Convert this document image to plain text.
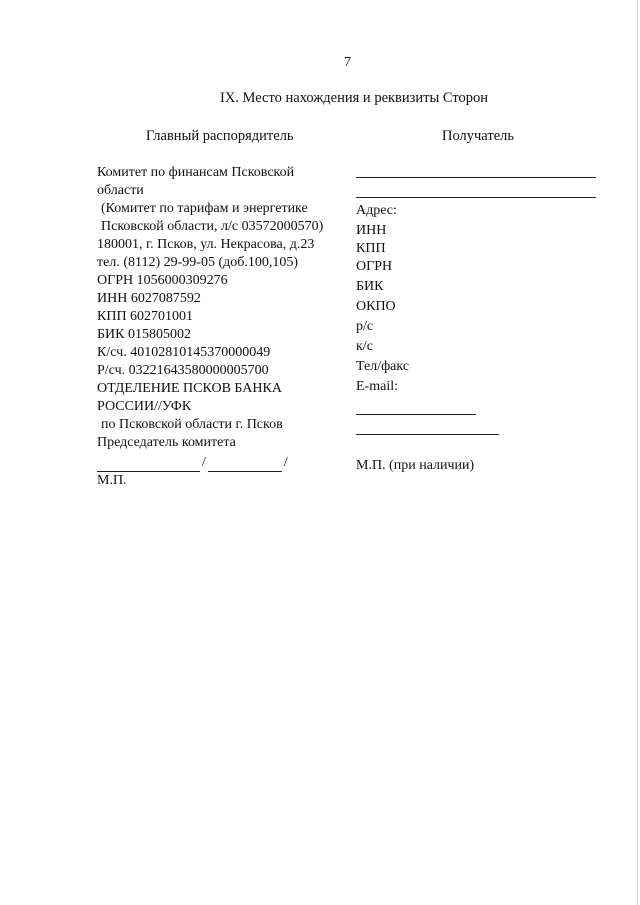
7
IX. Место нахождения и реквизиты Сторон
Главный распорядитель	Получатель
Комитет по финансам Псковской
области
(Комитет по тарифам и энергетике
Псковской области, л/с 03572000570)
180001, г. Псков, ул. Некрасова, д.23
тел. (8112) 29-99-05 (доб.100,105)
ОГРН 1056000309276
ИНН 6027087592
КПП 602701001
БИК 015805002
К/сч. 40102810145370000049
Р/сч. 03221643580000005700
ОТДЕЛЕНИЕ ПСКОВ БАНКА
РОССИИ//УФК
по Псковской области г. Псков
Председатель комитета
/	/
М.П.
Адрес:
ИНН
КПП
ОГРН
БИК
ОКПО
р/с
к/с
Тел/факс
E-mail:
М.П. (при наличии)
